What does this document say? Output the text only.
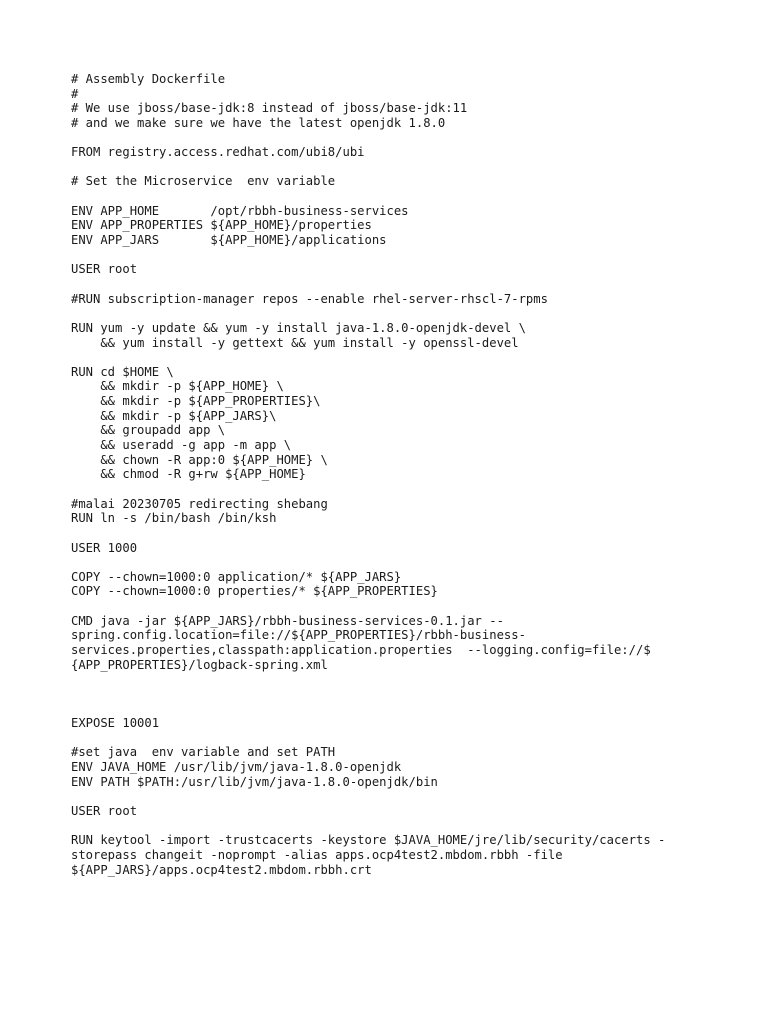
# Assembly Dockerfile
#
# We use jboss/base-jdk:8 instead of jboss/base-jdk:11
# and we make sure we have the latest openjdk 1.8.0

FROM registry.access.redhat.com/ubi8/ubi

# Set the Microservice  env variable

ENV APP_HOME       /opt/rbbh-business-services
ENV APP_PROPERTIES ${APP_HOME}/properties
ENV APP_JARS       ${APP_HOME}/applications

USER root

#RUN subscription-manager repos --enable rhel-server-rhscl-7-rpms

RUN yum -y update && yum -y install java-1.8.0-openjdk-devel \
&& yum install -y gettext && yum install -y openssl-devel

RUN cd $HOME \
&& mkdir -p ${APP_HOME} \
&& mkdir -p ${APP_PROPERTIES}\
&& mkdir -p ${APP_JARS}\
&& groupadd app \
&& useradd -g app -m app \
&& chown -R app:0 ${APP_HOME} \
&& chmod -R g+rw ${APP_HOME}

#malai 20230705 redirecting shebang
RUN ln -s /bin/bash /bin/ksh

USER 1000

COPY --chown=1000:0 application/* ${APP_JARS}
COPY --chown=1000:0 properties/* ${APP_PROPERTIES}

CMD java -jar ${APP_JARS}/rbbh-business-services-0.1.jar --
spring.config.location=file://${APP_PROPERTIES}/rbbh-business-
services.properties,classpath:application.properties  --logging.config=file://$
{APP_PROPERTIES}/logback-spring.xml

EXPOSE 10001

#set java  env variable and set PATH
ENV JAVA_HOME /usr/lib/jvm/java-1.8.0-openjdk
ENV PATH $PATH:/usr/lib/jvm/java-1.8.0-openjdk/bin

USER root

RUN keytool -import -trustcacerts -keystore $JAVA_HOME/jre/lib/security/cacerts -
storepass changeit -noprompt -alias apps.ocp4test2.mbdom.rbbh -file
${APP_JARS}/apps.ocp4test2.mbdom.rbbh.crt
